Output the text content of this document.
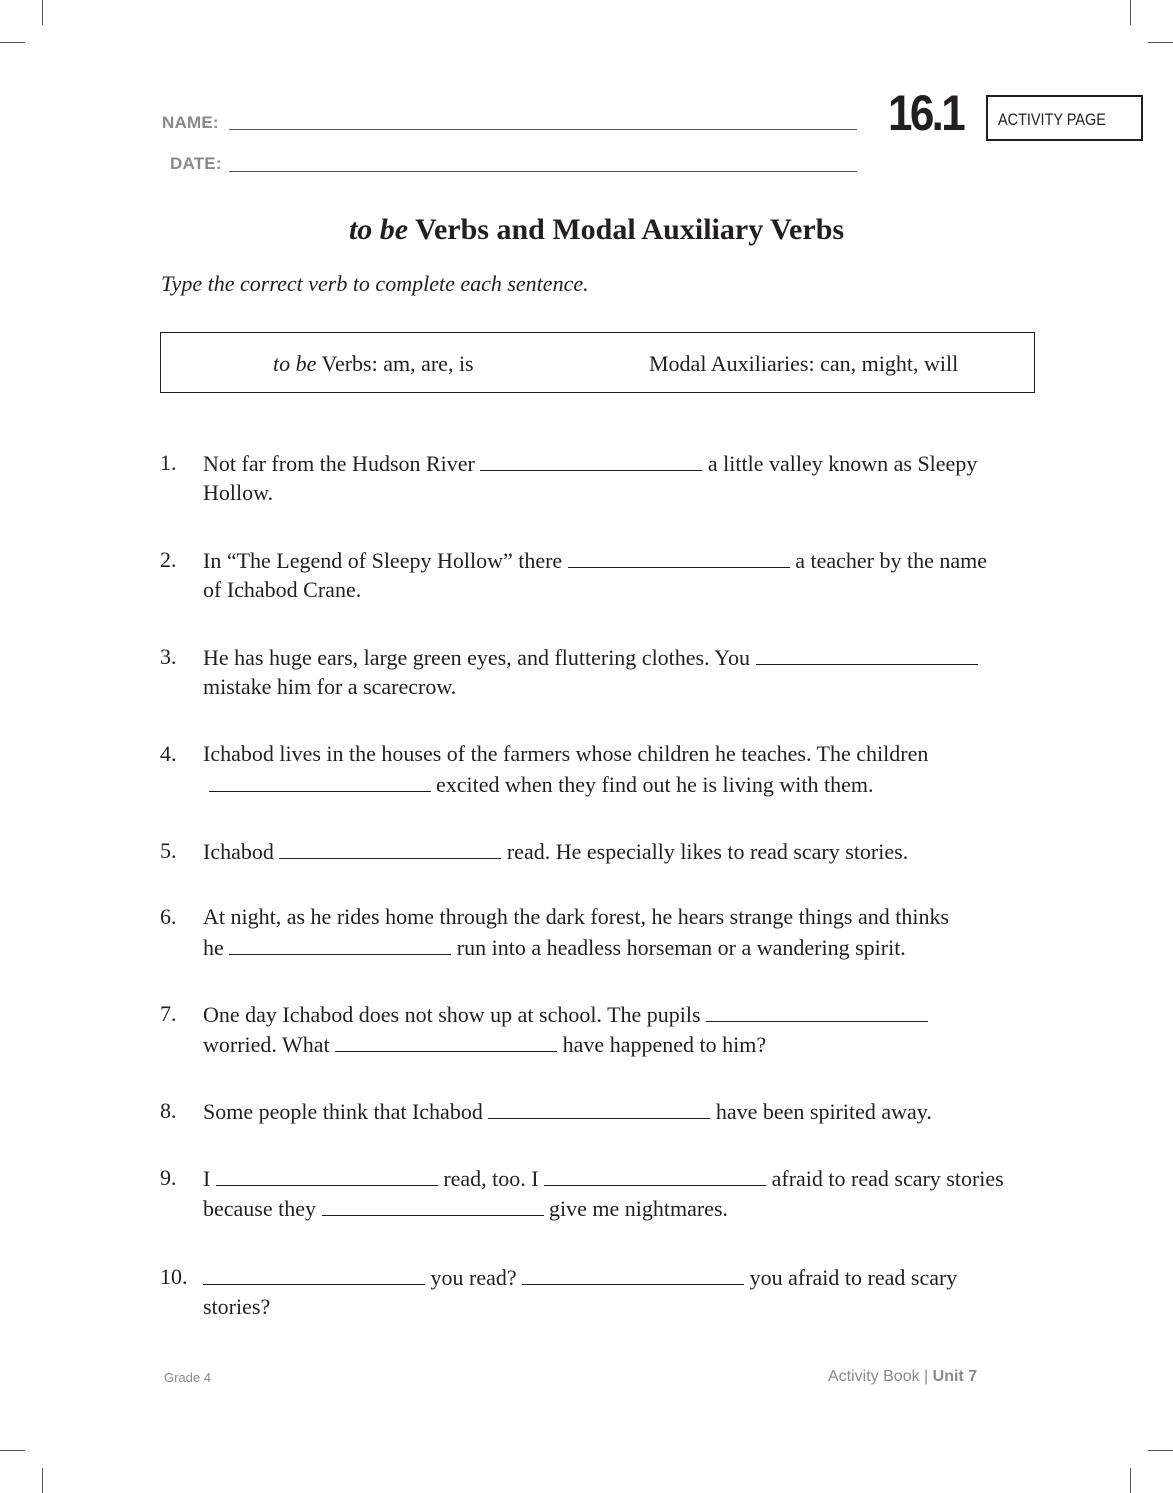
NAME:
DATE:
16.1 ACTIVITY PAGE
to be Verbs and Modal Auxiliary Verbs
Type the correct verb to complete each sentence.
to be Verbs: am, are, is	Modal Auxiliaries: can, might, will
1. Not far from the Hudson River	a little valley known as Sleepy
Hollow.
2. In “The Legend of Sleepy Hollow” there	a teacher by the name
of Ichabod Crane.
3. He has huge ears, large green eyes, and fluttering clothes. You
mistake him for a scarecrow.
4. Ichabod lives in the houses of the farmers whose children he teaches. The children
excited when they find out he is living with them.
5. Ichabod	read. He especially likes to read scary stories.
6. At night, as he rides home through the dark forest, he hears strange things and thinks
he	run into a headless horseman or a wandering spirit.
7. One day Ichabod does not show up at school. The pupils
worried. What	have happened to him?
8. Some people think that Ichabod	have been spirited away.
9. I	read, too. I	afraid to read scary stories
because they	give me nightmares.
10.	you read?	you afraid to read scary
stories?
Grade 4	Activity Book | Unit 7
